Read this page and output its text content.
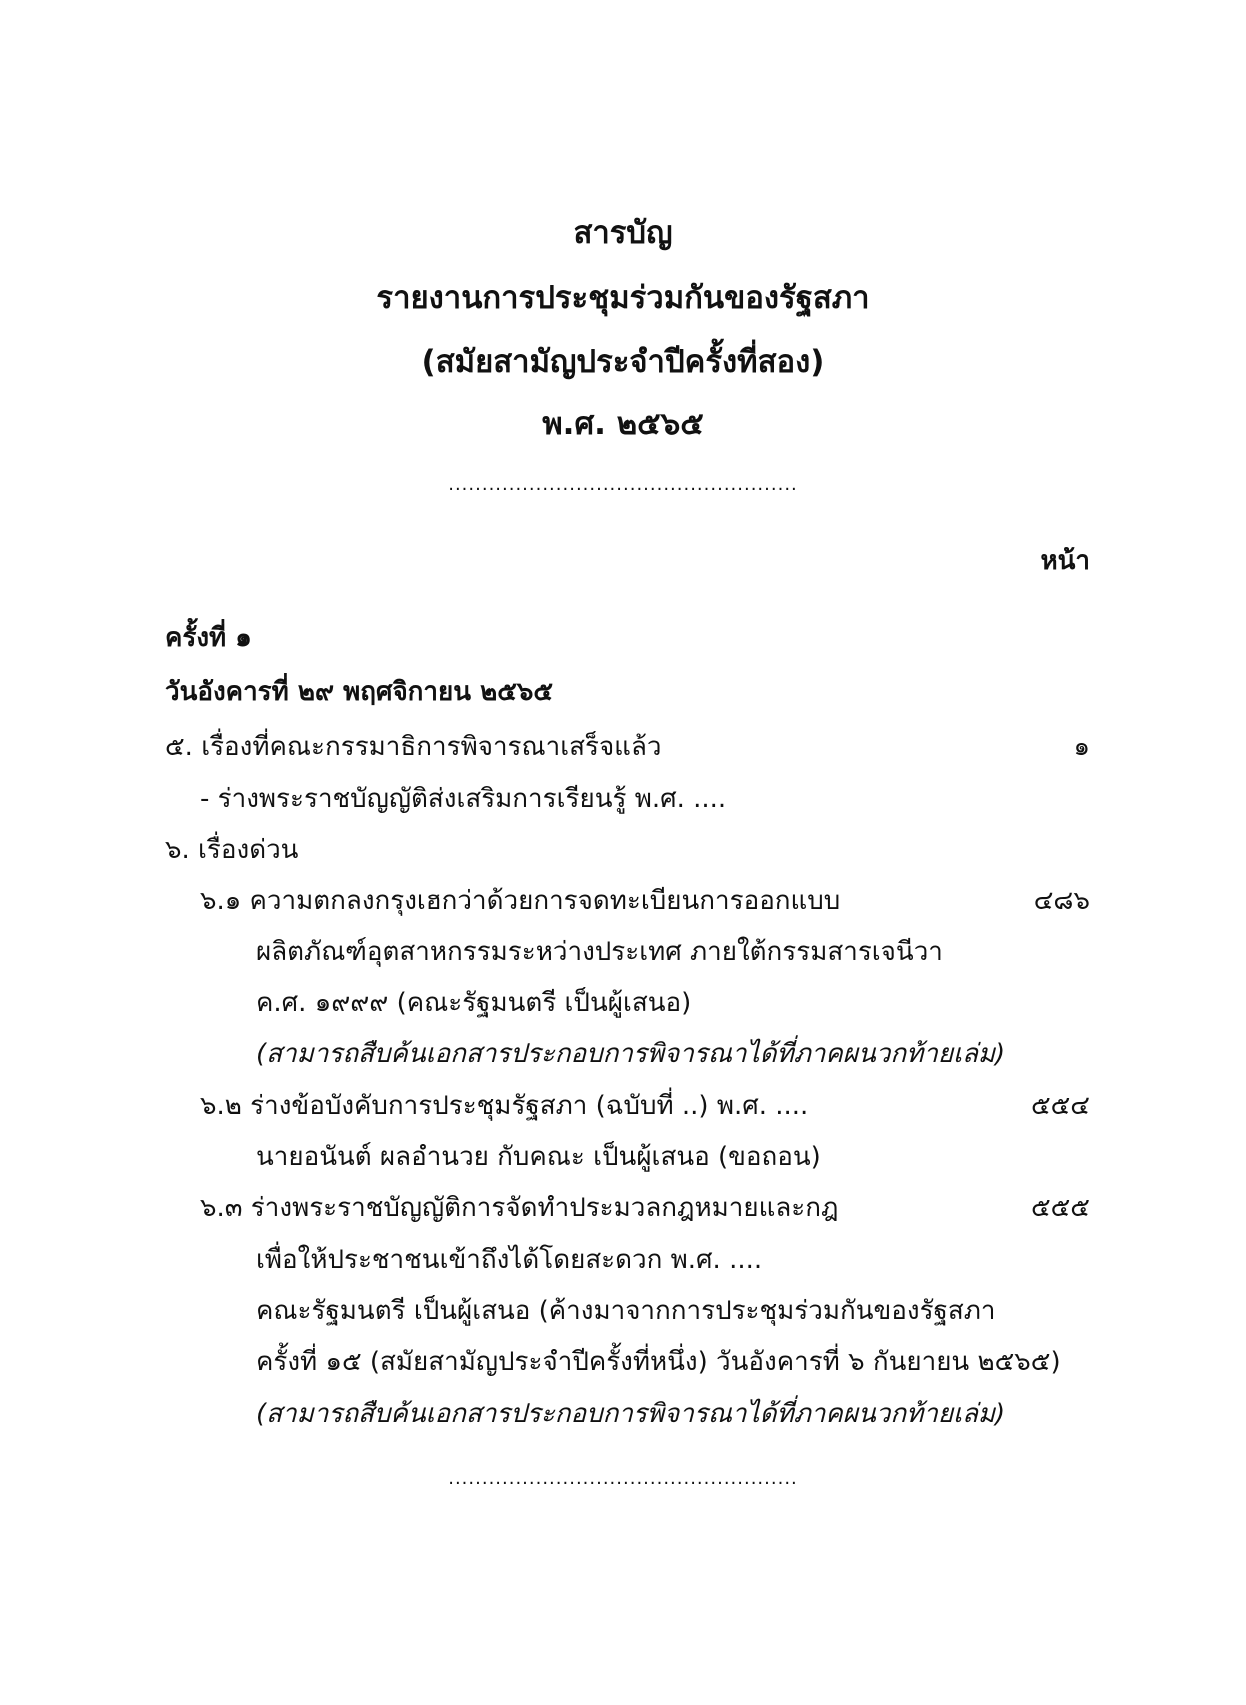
สารบัญ
รายงานการประชุมร่วมกันของรัฐสภา
(สมัยสามัญประจำปีครั้งที่สอง)
พ.ศ. ๒๕๖๕
....................................................
หน้า
ครั้งที่ ๑
วันอังคารที่ ๒๙ พฤศจิกายน ๒๕๖๕
๕. เรื่องที่คณะกรรมาธิการพิจารณาเสร็จแล้ว	๑
- ร่างพระราชบัญญัติส่งเสริมการเรียนรู้ พ.ศ. ....
๖. เรื่องด่วน
๖.๑ ความตกลงกรุงเฮกว่าด้วยการจดทะเบียนการออกแบบ	๔๘๖
ผลิตภัณฑ์อุตสาหกรรมระหว่างประเทศ ภายใต้กรรมสารเจนีวา
ค.ศ. ๑๙๙๙ (คณะรัฐมนตรี เป็นผู้เสนอ)
(สามารถสืบค้นเอกสารประกอบการพิจารณาได้ที่ภาคผนวกท้ายเล่ม)
๖.๒ ร่างข้อบังคับการประชุมรัฐสภา (ฉบับที่ ..) พ.ศ. ....	๕๕๔
นายอนันต์ ผลอำนวย กับคณะ เป็นผู้เสนอ (ขอถอน)
๖.๓ ร่างพระราชบัญญัติการจัดทำประมวลกฎหมายและกฎ	๕๕๕
เพื่อให้ประชาชนเข้าถึงได้โดยสะดวก พ.ศ. ....
คณะรัฐมนตรี เป็นผู้เสนอ (ค้างมาจากการประชุมร่วมกันของรัฐสภา
ครั้งที่ ๑๕ (สมัยสามัญประจำปีครั้งที่หนึ่ง) วันอังคารที่ ๖ กันยายน ๒๕๖๕)
(สามารถสืบค้นเอกสารประกอบการพิจารณาได้ที่ภาคผนวกท้ายเล่ม)
....................................................
